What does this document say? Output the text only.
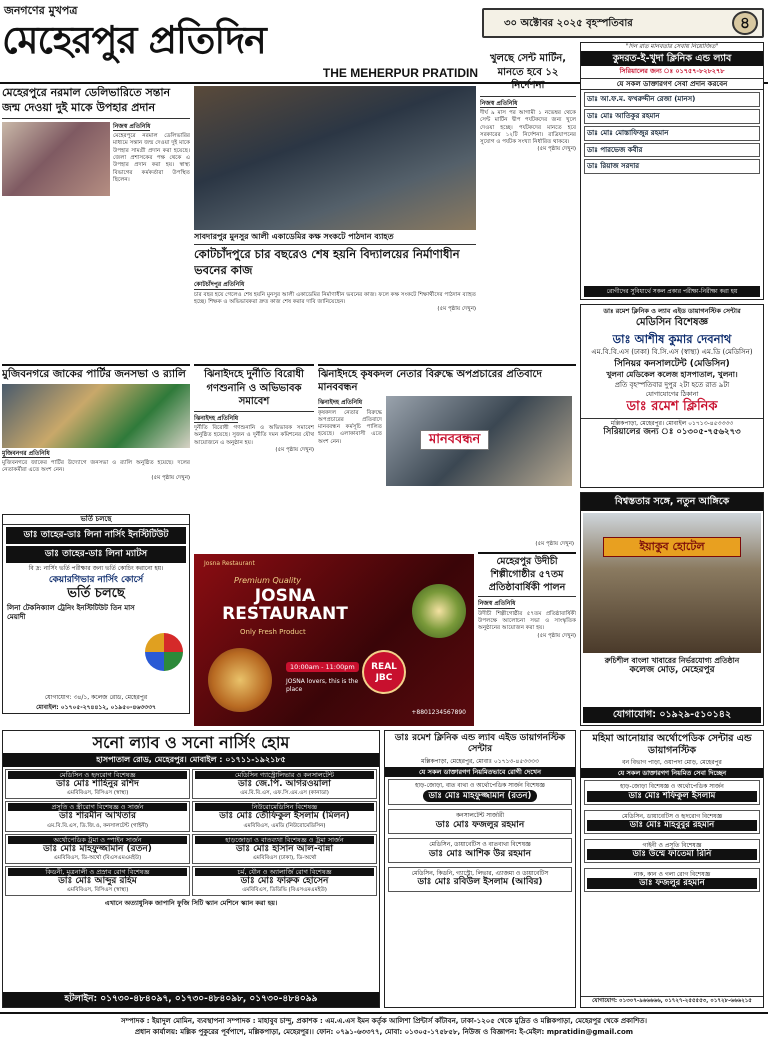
জনগণের মুখপত্র
মেহেরপুর প্রতিদিন
THE MEHERPUR PRATIDIN
৩০ অক্টোবর ২০২৫ বৃহস্পতিবার	৪
মেহেরপুরে নরমাল ডেলিভারিতে সন্তান জন্ম দেওয়া দুই মাকে উপহার প্রদান
নিজস্ব প্রতিনিধি
মেহেরপুরে নরমাল ডেলিভারির মাধ্যমে সন্তান জন্ম দেওয়া দুই মাকে উপহার সামগ্রী প্রদান করা হয়েছে। জেলা প্রশাসকের পক্ষ থেকে এ উপহার প্রদান করা হয়। স্বাস্থ্য বিভাগের কর্মকর্তারা উপস্থিত ছিলেন।
সাবদারপুর মুনসুর আলী একাডেমির কক্ষ সংকটে পাঠদান ব্যাহত
কোটচাঁদপুরে চার বছরেও শেষ হয়নি বিদ্যালয়ের নির্মাণাধীন ভবনের কাজ
কোটচাঁদপুর প্রতিনিধি
চার বছর হয়ে গেলেও শেষ হয়নি মুনসুর আলী একাডেমির নির্মাণাধীন ভবনের কাজ। ফলে কক্ষ সংকটে শিক্ষার্থীদের পাঠদান ব্যাহত হচ্ছে। শিক্ষক ও অভিভাবকরা দ্রুত কাজ শেষ করার দাবি জানিয়েছেন।
(৫ম পৃষ্ঠায় দেখুন)
খুলছে সেন্ট মার্টিন, মানতে হবে ১২ নির্দেশনা
নিজস্ব প্রতিনিধি
দীর্ঘ ৯ মাস পর আগামী ১ নভেম্বর থেকে সেন্ট মার্টিন দ্বীপ পর্যটকদের জন্য খুলে দেওয়া হচ্ছে। পর্যটকদের মানতে হবে সরকারের ১২টি নির্দেশনা। রাত্রিযাপনের সুযোগ ও পর্যটক সংখ্যা নির্ধারিত থাকবে।
(৫ম পৃষ্ঠায় দেখুন)
"দিন রাত মানবতার সেবায় নিয়োজিত"
কুদরত-ই-খুদা ক্লিনিক এন্ড ল্যাব
সিরিয়ালের জন্য ঃ ০১৭৫৭-৮২৮২৭৮
যে সকল ডাক্তারগণ সেবা প্রদান করবেন
ডাঃ আ.ফ.ম. ফখরুদ্দীন রেজা (মানস)
ডাঃ মোঃ আতিকুর রহমান
ডাঃ মোঃ মোস্তাফিজুর রহমান
ডাঃ পারভেজ কবীর
ডাঃ রিয়াজ সরদার
রোগীদের সুবিধার্থে সকল প্রকার পরীক্ষা-নিরীক্ষা করা হয়
ডাঃ রমেশ ক্লিনিক ও ল্যাব এইড ডায়াগনস্টিক সেন্টার
মেডিসিন বিশেষজ্ঞ
ডাঃ আশীষ কুমার দেবনাথ
এম.বি.বি.এস (ঢাকা) বি.সি.এস (স্বাস্থ্য) এম.ডি (মেডিসিন)
সিনিয়র কনসালটেন্ট (মেডিসিন)
খুলনা মেডিকেল কলেজ হাসপাতাল, খুলনা।
প্রতি বৃহস্পতিবার দুপুর ২টা হতে রাত ৯টা
যোগাযোগের ঠিকানা
ডাঃ রমেশ ক্লিনিক
মল্লিকপাড়া, মেহেরপুর। মোবাইল ০১৭১৩-৪৫৩৩৩৩
সিরিয়ালের জন্য ঃ ০১৩০৫-৭৫৬২৭৩
মুজিবনগরে জাকের পার্টির জনসভা ও র‍্যালি
মুজিবনগর প্রতিনিধি
মুজিবনগরে জাকের পার্টির উদ্যোগে জনসভা ও র‍্যালি অনুষ্ঠিত হয়েছে। দলের নেতাকর্মীরা এতে অংশ নেন।
(৫ম পৃষ্ঠায় দেখুন)
ঝিনাইদহে দুর্নীতি বিরোধী গণশুনানি ও অভিভাবক সমাবেশ
ঝিনাইদহ প্রতিনিধি
দুর্নীতি বিরোধী গণশুনানি ও অভিভাবক সমাবেশ অনুষ্ঠিত হয়েছে। সুজন ও দুর্নীতি দমন কমিশনের যৌথ আয়োজনে এ অনুষ্ঠান হয়।
(৫ম পৃষ্ঠায় দেখুন)
ঝিনাইদহে কৃষকদল নেতার বিরুদ্ধে অপপ্রচারের প্রতিবাদে মানববন্ধন
মানববন্ধন
ঝিনাইদহ প্রতিনিধি
কৃষকদল নেতার বিরুদ্ধে অপপ্রচারের প্রতিবাদে মানববন্ধন কর্মসূচি পালিত হয়েছে। এলাকাবাসী এতে অংশ নেন।
(৫ম পৃষ্ঠায় দেখুন)
ভর্তি চলছে
ডাঃ তাহের-ডাঃ লিনা নার্সিং ইনস্টিটিউট
ডাঃ তাহের-ডাঃ লিনা ম্যাটস
বি দ্র: নার্সিং ভর্তি পরীক্ষার জন্য ভর্তি কোচিং করানো হয়।
কেয়ারগিভার নার্সিং কোর্সে
ভর্তি চলছে
লিনা টেকনিক্যাল ট্রেনিং ইনস্টিটিউট তিন মাস মেয়াদী
যোগাযোগ: ৩৪/১, কলেজ রোড, মেহেরপুর
মোবাইল: ০১৭০৫-২৭৪৪১২, ০১৯৫০-৪৬৩৩৩৭
Josna Restaurant
Premium Quality
JOSNA RESTAURANT
Only Fresh Product
10:00am - 11:00pm
JOSNA lovers, this is the place
REAL JBC
+8801234567890
মেহেরপুর উদীচী শিল্পীগোষ্ঠীর ৫৭তম প্রতিষ্ঠাবার্ষিকী পালন
নিজস্ব প্রতিনিধি
উদীচী শিল্পীগোষ্ঠীর ৫৭তম প্রতিষ্ঠাবার্ষিকী উপলক্ষে আলোচনা সভা ও সাংস্কৃতিক অনুষ্ঠানের আয়োজন করা হয়।
(৫ম পৃষ্ঠায় দেখুন)
বিশ্বস্ততার সঙ্গে, নতুন আঙ্গিকে
ইয়াকুব হোটেল
রুচিশীল বাংলা খাবারের নির্ভরযোগ্য প্রতিষ্ঠান
কলেজ মোড়, মেহেরপুর
যোগাযোগ: ০১৯২৯-৫১০১৪২
সনো ল্যাব ও সনো নার্সিং হোম
হাসপাতাল রোড, মেহেরপুর। মোবাইল : ০১৭১১-১৯২১৮৫
মেডিসিন ও হৃদরোগ বিশেষজ্ঞ
ডাঃ মোঃ শাহিনুর রশিদ
এমবিবিএস, বিসিএস (স্বাস্থ্য)
মেডিসিন গ্যাস্ট্রোলিভার ও কনসালটেন্ট
ডাঃ জে.পি. আগরওয়ালা
এম.বি.বি.এস, এফ.সি.এম.এস (কানাডা)
প্রসূতি ও স্ত্রীরোগ বিশেষজ্ঞ ও সার্জন
ডাঃ শারমীন আখতার
এম.বি.বি.এস, ডি.জি.ও, কনসালটেন্ট (গাইনী)
নিউরোমেডিসিন বিশেষজ্ঞ
ডাঃ মোঃ তৌফিকুল ইসলাম (মিলন)
এমবিবিএস, এমডি (নিউরোমেডিসিন)
অর্থোপেডিক ট্রমা ও স্পাইন সার্জন
ডাঃ মোঃ মাহফুজ্জামান (রতন)
এমবিবিএস, ডি-অর্থো (বিএসএমএমইউ)
হাড়জোড়া ও বাতব্যথা বিশেষজ্ঞ ও ট্রমা সার্জন
ডাঃ মোঃ হাসান আল-বান্না
এমবিবিএস (ঢাকা), ডি-অর্থো
কিডনী, মূত্রনালী ও প্রস্রাব রোগ বিশেষজ্ঞ
ডাঃ মোঃ আব্দুর রহিম
এমবিবিএস, বিসিএস (স্বাস্থ্য)
চর্ম, যৌন ও অ্যালার্জি রোগ বিশেষজ্ঞ
ডাঃ মোঃ ফারুক হোসেন
এমবিবিএস, ডিডিভি (বিএসএমএমইউ)
এখানে অত্যাধুনিক জাপানি ফুজি সিটি স্ক্যান মেশিনে স্ক্যান করা হয়।
হটলাইন: ০১৭৩০-৪৮৪০৯৭, ০১৭৩০-৪৮৪০৯৮, ০১৭৩০-৪৮৪০৯৯
ডাঃ রমেশ ক্লিনিক এন্ড ল্যাব এইড ডায়াগনস্টিক সেন্টার
মল্লিকপাড়া, মেহেরপুর, মোবাঃ ০১৭১৩-৪৫৩৩৩৩
যে সকল ডাক্তারগণ নিয়মিতভাবে রোগী দেখেন
হাড়-জোড়া, বাত ব্যথা ও অর্থোপেডিক সার্জন বিশেষজ্ঞ
ডাঃ মোঃ মাহফুজ্জামান (রতন)
কনসালটেন্ট সার্জারী
ডাঃ মোঃ ফজলুর রহমান
মেডিসিন, ডায়াবেটিস ও বাতব্যথা বিশেষজ্ঞ
ডাঃ মোঃ আশিক উর রহমান
মেডিসিন, কিডনি, গ্যাস্ট্রো, লিভার, এ্যাজমা ও ডায়াবেটিস
ডাঃ মোঃ রবিউল ইসলাম (আবির)
মহিমা আনোয়ার অর্থোপেডিক সেন্টার এন্ড ডায়াগনস্টিক
বন বিভাগ পাড়া, ওয়াপদা মোড়, মেহেরপুর
যে সকল ডাক্তারগণ নিয়মিত সেবা দিচ্ছেন
হাড়-জোড়া বিশেষজ্ঞ ও অর্থোপেডিক সার্জন
ডাঃ মোঃ শফিকুল ইসলাম
মেডিসিন, ডায়াবেটিস ও হৃদরোগ বিশেষজ্ঞ
ডাঃ মোঃ মাহবুবুর রহমান
গাইনী ও প্রসূতি বিশেষজ্ঞ
ডাঃ উম্মে ফাতেমা রিনি
নাক, কান ও গলা রোগ বিশেষজ্ঞ
ডাঃ ফজলুর রহমান
যোগাযোগ: ০১৩০৭-৯৬৬৬৬৬, ০১৭২৭-২৫৫৫৫৩, ০১৭২৮-৬৬৬২১৫
সম্পাদক : ইয়াদুল মোমিন, ব্যবস্থাপনা সম্পাদক : মাহাবুব চান্দু, প্রকাশক : এম.এ.এস ইমন কর্তৃক আলিশা প্রিন্টার্স কাঁটাবন, ঢাকা-১২০৫ থেকে মুদ্রিত ও মল্লিকপাড়া, মেহেরপুর থেকে প্রকাশিত।
প্রধান কার্যালয়: মল্লিক পুকুরের পূর্বপাশে, মল্লিকপাড়া, মেহেরপুর।। ফোন: ০৭৯১-৬৩৩৭৭, মোবা: ০১৩০৫-১৭৫৮৫৮, নিউজ ও বিজ্ঞাপন: ই-মেইল: mpratidin@gmail.com
